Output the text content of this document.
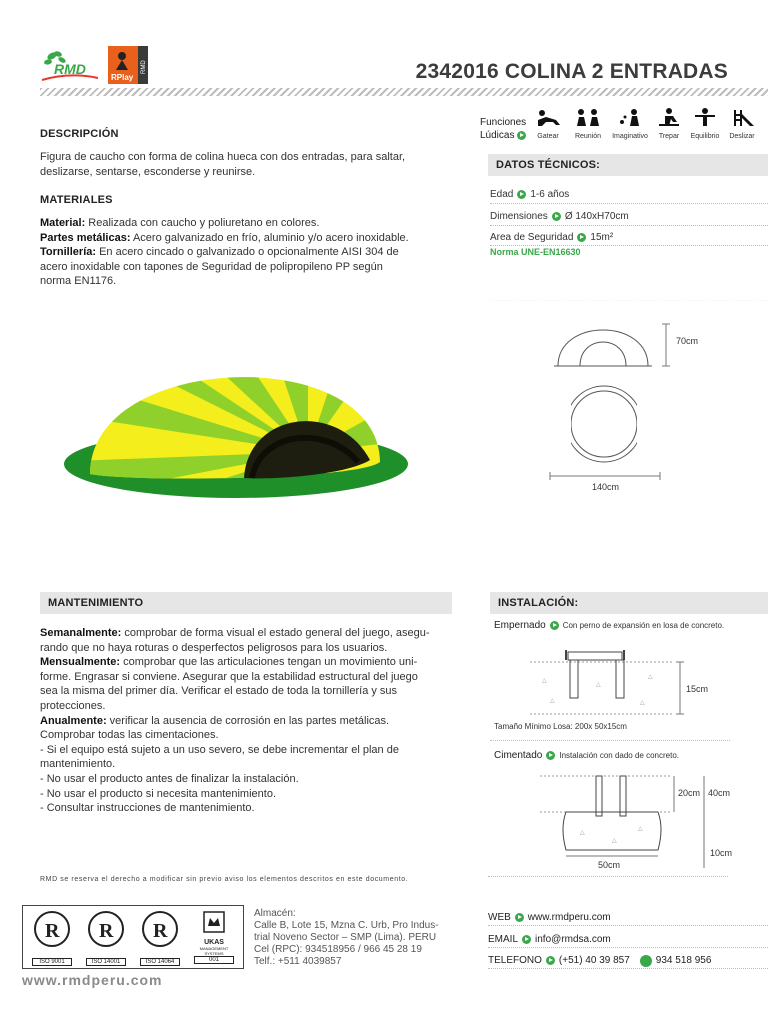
RMD
RPlay
RMD	2342016 COLINA 2 ENTRADAS
Funciones
Lúdicas	Gatear	Reunión	Imaginativo	Trepar	Equilibrio	Deslizar
DESCRIPCIÓN
Figura de caucho con forma de colina hueca con dos entradas, para saltar,
deslizarse, sentarse, esconderse y reunirse.
MATERIALES
Material: Realizada con caucho y poliuretano en colores.
Partes metálicas: Acero galvanizado en frío, aluminio y/o acero inoxidable.
Tornillería: En acero cincado o galvanizado o opcionalmente AISI 304 de
acero inoxidable con tapones de Seguridad de polipropileno PP según
norma EN1176.
DATOS TÉCNICOS:
Edad 1-6 años
Dimensiones Ø 140xH70cm
Area de Seguridad 15m²
Norma UNE-EN16630
70cm
140cm
MANTENIMIENTO
Semanalmente: comprobar de forma visual el estado general del juego, asegu-
rando que no haya roturas o desperfectos peligrosos para los usuarios.
Mensualmente: comprobar que las articulaciones tengan un movimiento uni-
forme. Engrasar si conviene. Asegurar que la estabilidad estructural del juego
sea la misma del primer día. Verificar el estado de toda la tornillería y sus
protecciones.
Anualmente: verificar la ausencia de corrosión en las partes metálicas.
Comprobar todas las cimentaciones.
- Si el equipo está sujeto a un uso severo, se debe incrementar el plan de
mantenimiento.
- No usar el producto antes de finalizar la instalación.
- No usar el producto si necesita mantenimiento.
- Consultar instrucciones de mantenimiento.
INSTALACIÓN:
Empernado Con perno de expansión en losa de concreto.
△
△
△
△	△
15cm
Tamaño Mínimo Losa: 200x 50x15cm
Cimentado Instalación con dado de concreto.
△
△
△
20cm 40cm
10cm
50cm
RMD se reserva el derecho a modificar sin previo aviso los elementos descritos en este documento.
R
ISO 9001
R
ISO 14001
R
ISO 14064
UKAS
MANAGEMENT SYSTEMS
001
Almacén:
Calle B, Lote 15, Mzna C. Urb, Pro Indus-
trial Noveno Sector – SMP (Lima). PERU
Cel (RPC): 934518956 / 966 45 28 19
Telf.: +511 4039857
WEB www.rmdperu.com
EMAIL info@rmdsa.com
TELEFONO (+51) 40 39 857	934 518 956
www.rmdperu.com
